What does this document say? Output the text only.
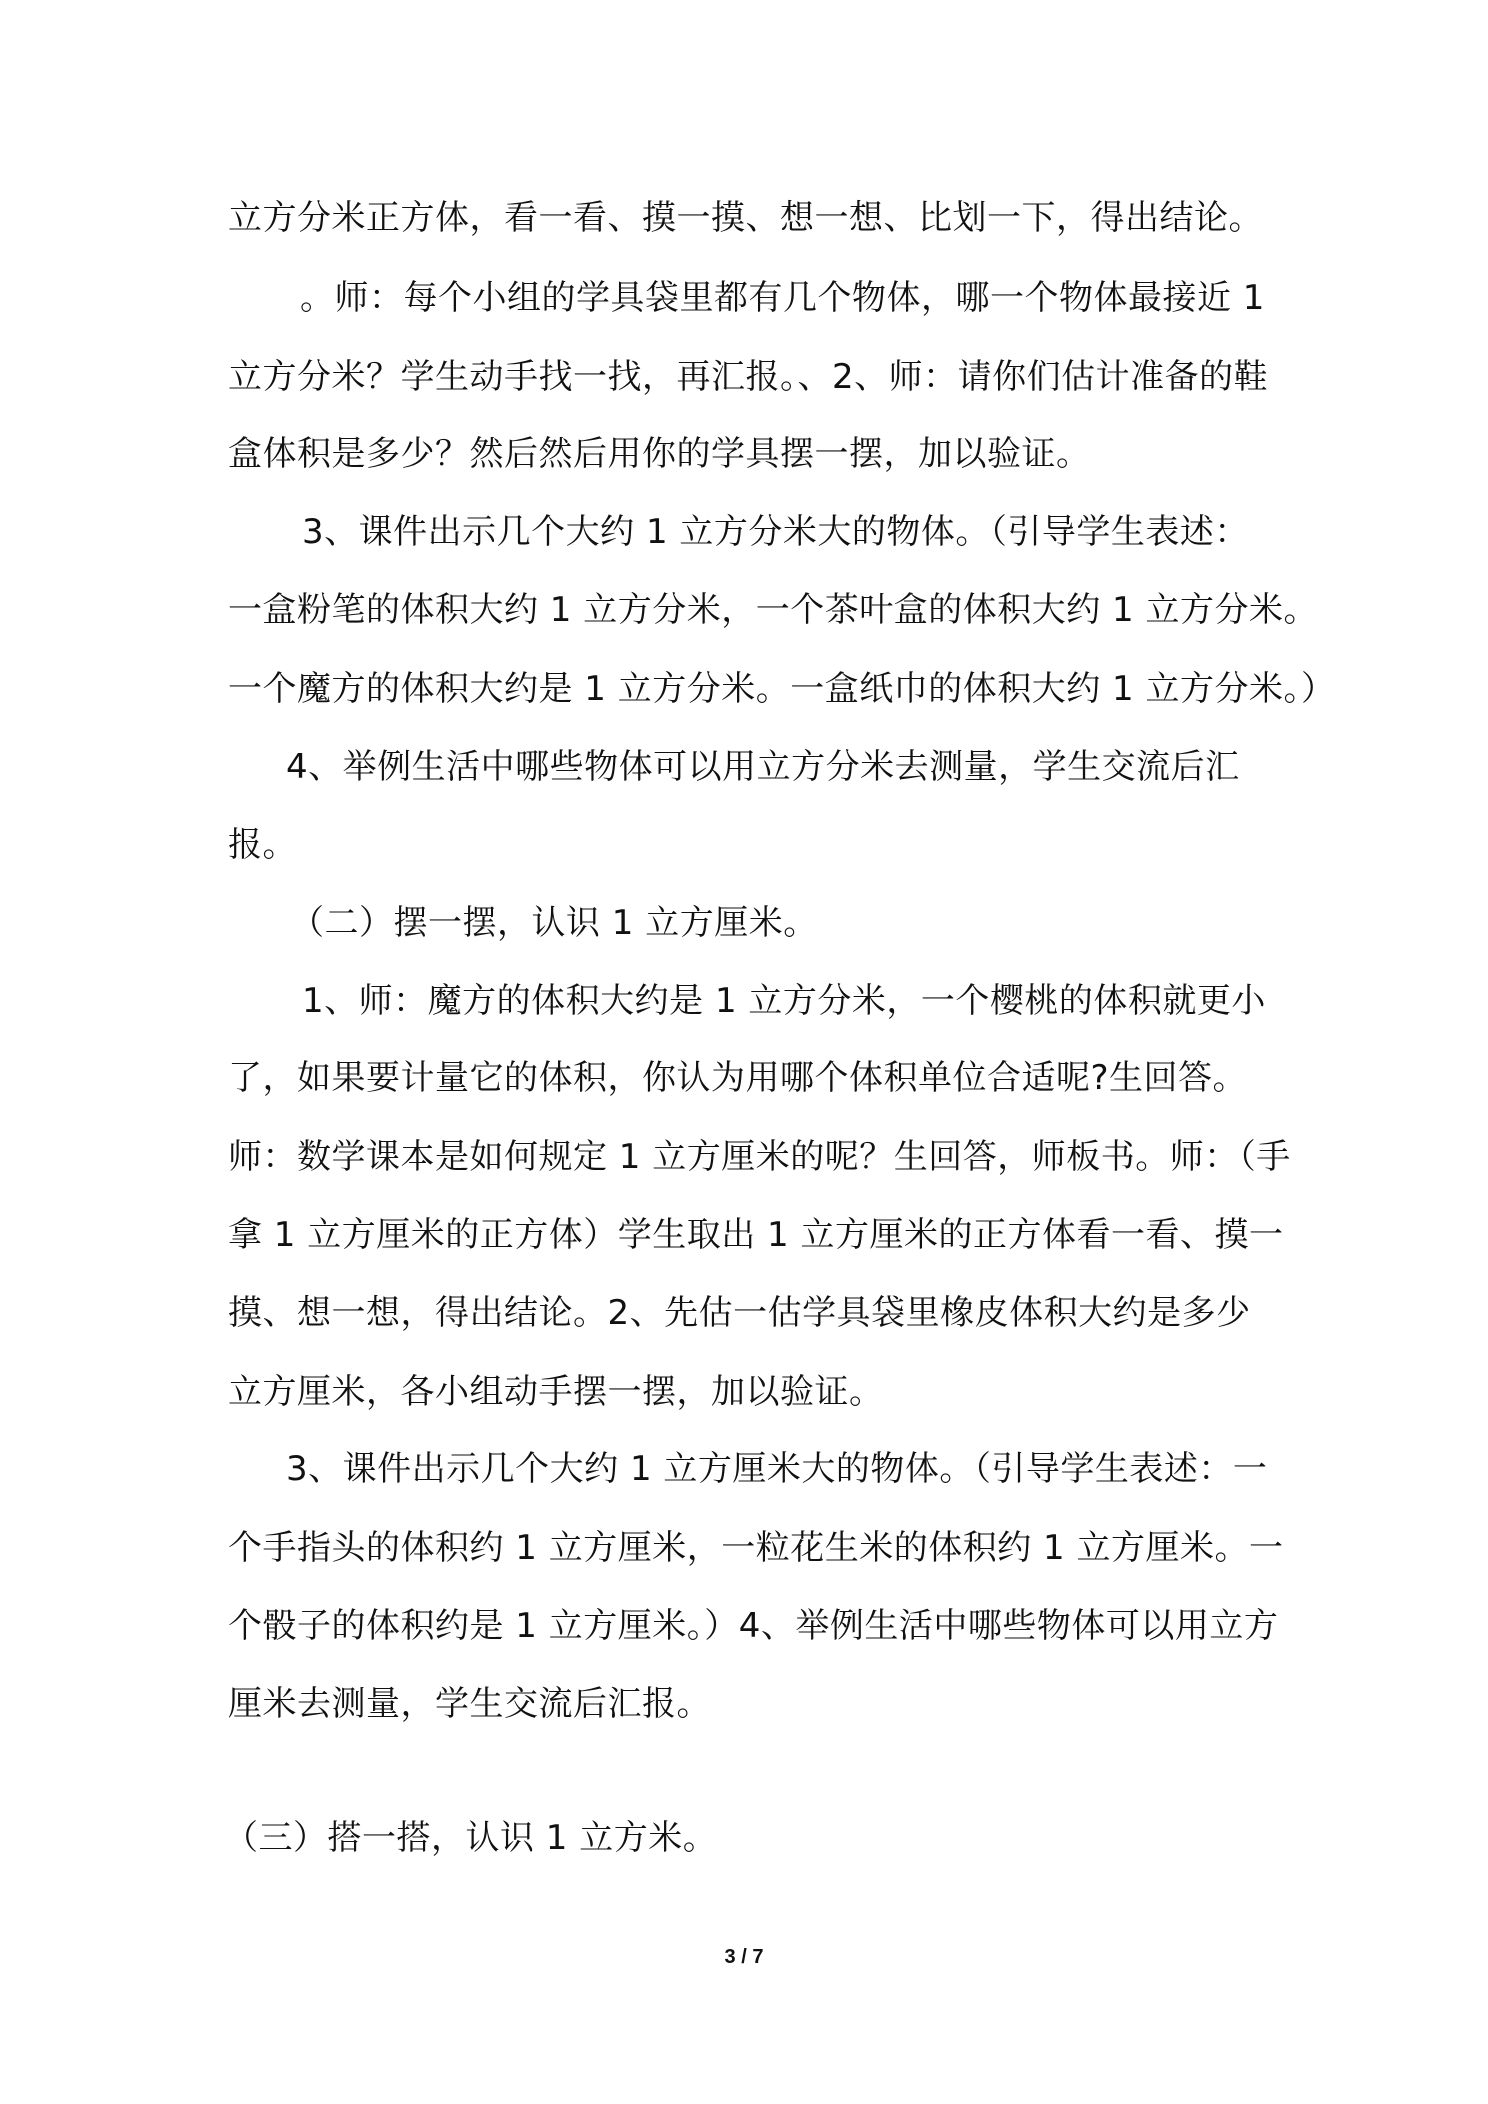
立方分米正方体，看一看、摸一摸、想一想、比划一下，得出结论。
。师：每个小组的学具袋里都有几个物体，哪一个物体最接近 1
立方分米？学生动手找一找，再汇报。、2、师：请你们估计准备的鞋
盒体积是多少？然后然后用你的学具摆一摆，加以验证。
3、课件出示几个大约 1 立方分米大的物体。（引导学生表述：
一盒粉笔的体积大约 1 立方分米，一个茶叶盒的体积大约 1 立方分米。
一个魔方的体积大约是 1 立方分米。一盒纸巾的体积大约 1 立方分米。）
4、举例生活中哪些物体可以用立方分米去测量，学生交流后汇
报。
（二）摆一摆，认识 1 立方厘米。
1、师：魔方的体积大约是 1 立方分米，一个樱桃的体积就更小
了，如果要计量它的体积，你认为用哪个体积单位合适呢?生回答。
师：数学课本是如何规定 1 立方厘米的呢？生回答，师板书。师：（手
拿 1 立方厘米的正方体）学生取出 1 立方厘米的正方体看一看、摸一
摸、想一想，得出结论。2、先估一估学具袋里橡皮体积大约是多少
立方厘米，各小组动手摆一摆，加以验证。
3、课件出示几个大约 1 立方厘米大的物体。（引导学生表述：一
个手指头的体积约 1 立方厘米，一粒花生米的体积约 1 立方厘米。一
个骰子的体积约是 1 立方厘米。）4、举例生活中哪些物体可以用立方
厘米去测量，学生交流后汇报。
（三）搭一搭，认识 1 立方米。
3 / 7
